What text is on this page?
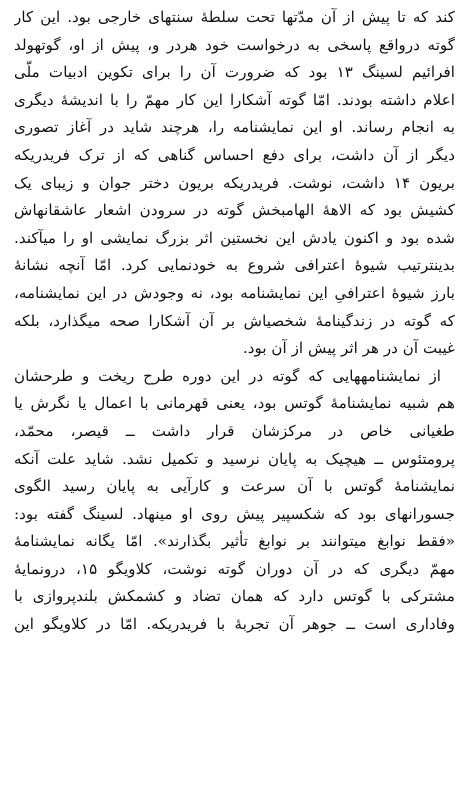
کند که تا پیش از آن مدّتها تحت سلطهٔ سنتهای خارجی بود. این کار
گوته درواقع پاسخی به درخواست خود هردر و، پیش از او، گوتهولد
افرائیم لسینگ ۱۳ بود که ضرورت آن را برای تکوین ادبیات ملّی
اعلام داشته بودند. امّا گوته آشکارا این کار مهمّ را با اندیشهٔ دیگری
به انجام رساند. او این نمایشنامه را، هرچند شاید در آغاز تصوری
دیگر از آن داشت، برای دفع احساس گناهی که از ترک فریدریکه
بریون ۱۴ داشت، نوشت. فریدریکه بریون دختر جوان و زیبای یک
کشیش بود که الاههٔ الهامبخش گوته در سرودن اشعار عاشقانهاش
شده بود و اکنون یادش این نخستین اثر بزرگ نمایشی او را میآکند.
بدینترتیب شیوهٔ اعترافی شروع به خودنمایی کرد. امّا آنچه نشانهٔ
بارز شیوهٔ اعترافیِ این نمایشنامه بود، نه وجودش در این نمایشنامه،
که گوته در زندگینامهٔ شخصیاش بر آن آشکارا صحه میگذارد، بلکه
غیبت آن در هر اثر پیش از آن بود.
از نمایشنامههایی که گوته در این دوره طرح ریخت و طرحشان
هم شبیه نمایشنامهٔ گوتس بود، یعنی قهرمانی با اعمال یا نگرش یا
طغیانی خاص در مرکزشان قرار داشت ــ قیصر، محمّد،
پرومتئوس ــ هیچیک به پایان نرسید و تکمیل نشد. شاید علت آنکه
نمایشنامهٔ گوتس با آن سرعت و کارآیی به پایان رسید الگوی
جسورانهای بود که شکسپیر پیش روی او مینهاد. لسینگ گفته بود:
«فقط نوابغ میتوانند بر نوابغ تأثیر بگذارند». امّا یگانه نمایشنامهٔ
مهمّ دیگری که در آن دوران گوته نوشت، کلاویگو ۱۵، درونمایهٔ
مشترکی با گوتس دارد که همان تضاد و کشمکش بلندپروازی با
وفاداری است ــ جوهر آن تجربهٔ با فریدریکه. امّا در کلاویگو این
